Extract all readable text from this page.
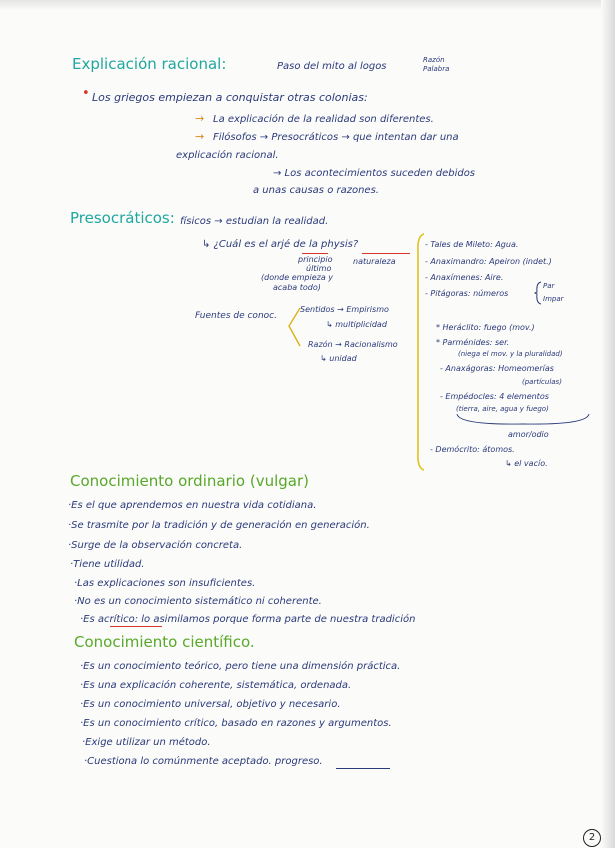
Explicación racional:	Paso del mito al logos
Razón
Palabra
• Los griegos empiezan a conquistar otras colonias:
→ La explicación de la realidad son diferentes.
→ Filósofos → Presocráticos → que intentan dar una
explicación racional.
→ Los acontecimientos suceden debidos
a unas causas o razones.
Presocráticos: físicos → estudian la realidad.
↳ ¿Cuál es el arjé de la physis?
principio
último
naturaleza
(donde empieza y
acaba todo)
Fuentes de conoc.
Sentidos → Empirismo
↳ multiplicidad
Razón → Racionalismo
↳ unidad
- Tales de Mileto: Agua.
- Anaximandro: Apeiron (indet.)
- Anaxímenes: Aire.
- Pitágoras: números
Par
Impar
* Heráclito: fuego (mov.)
* Parménides: ser.
(niega el mov. y la pluralidad)
- Anaxágoras: Homeomerías
(partículas)
- Empédocles: 4 elementos
(tierra, aire, agua y fuego)
amor/odio
- Demócrito: átomos.
↳ el vacío.
Conocimiento ordinario (vulgar)
·Es el que aprendemos en nuestra vida cotidiana.
·Se trasmite por la tradición y de generación en generación.
·Surge de la observación concreta.
·Tiene utilidad.
·Las explicaciones son insuficientes.
·No es un conocimiento sistemático ni coherente.
·Es acrítico: lo asimilamos porque forma parte de nuestra tradición
Conocimiento científico.
·Es un conocimiento teórico, pero tiene una dimensión práctica.
·Es una explicación coherente, sistemática, ordenada.
·Es un conocimiento universal, objetivo y necesario.
·Es un conocimiento crítico, basado en razones y argumentos.
·Exige utilizar un método.
·Cuestiona lo comúnmente aceptado. progreso.
2
